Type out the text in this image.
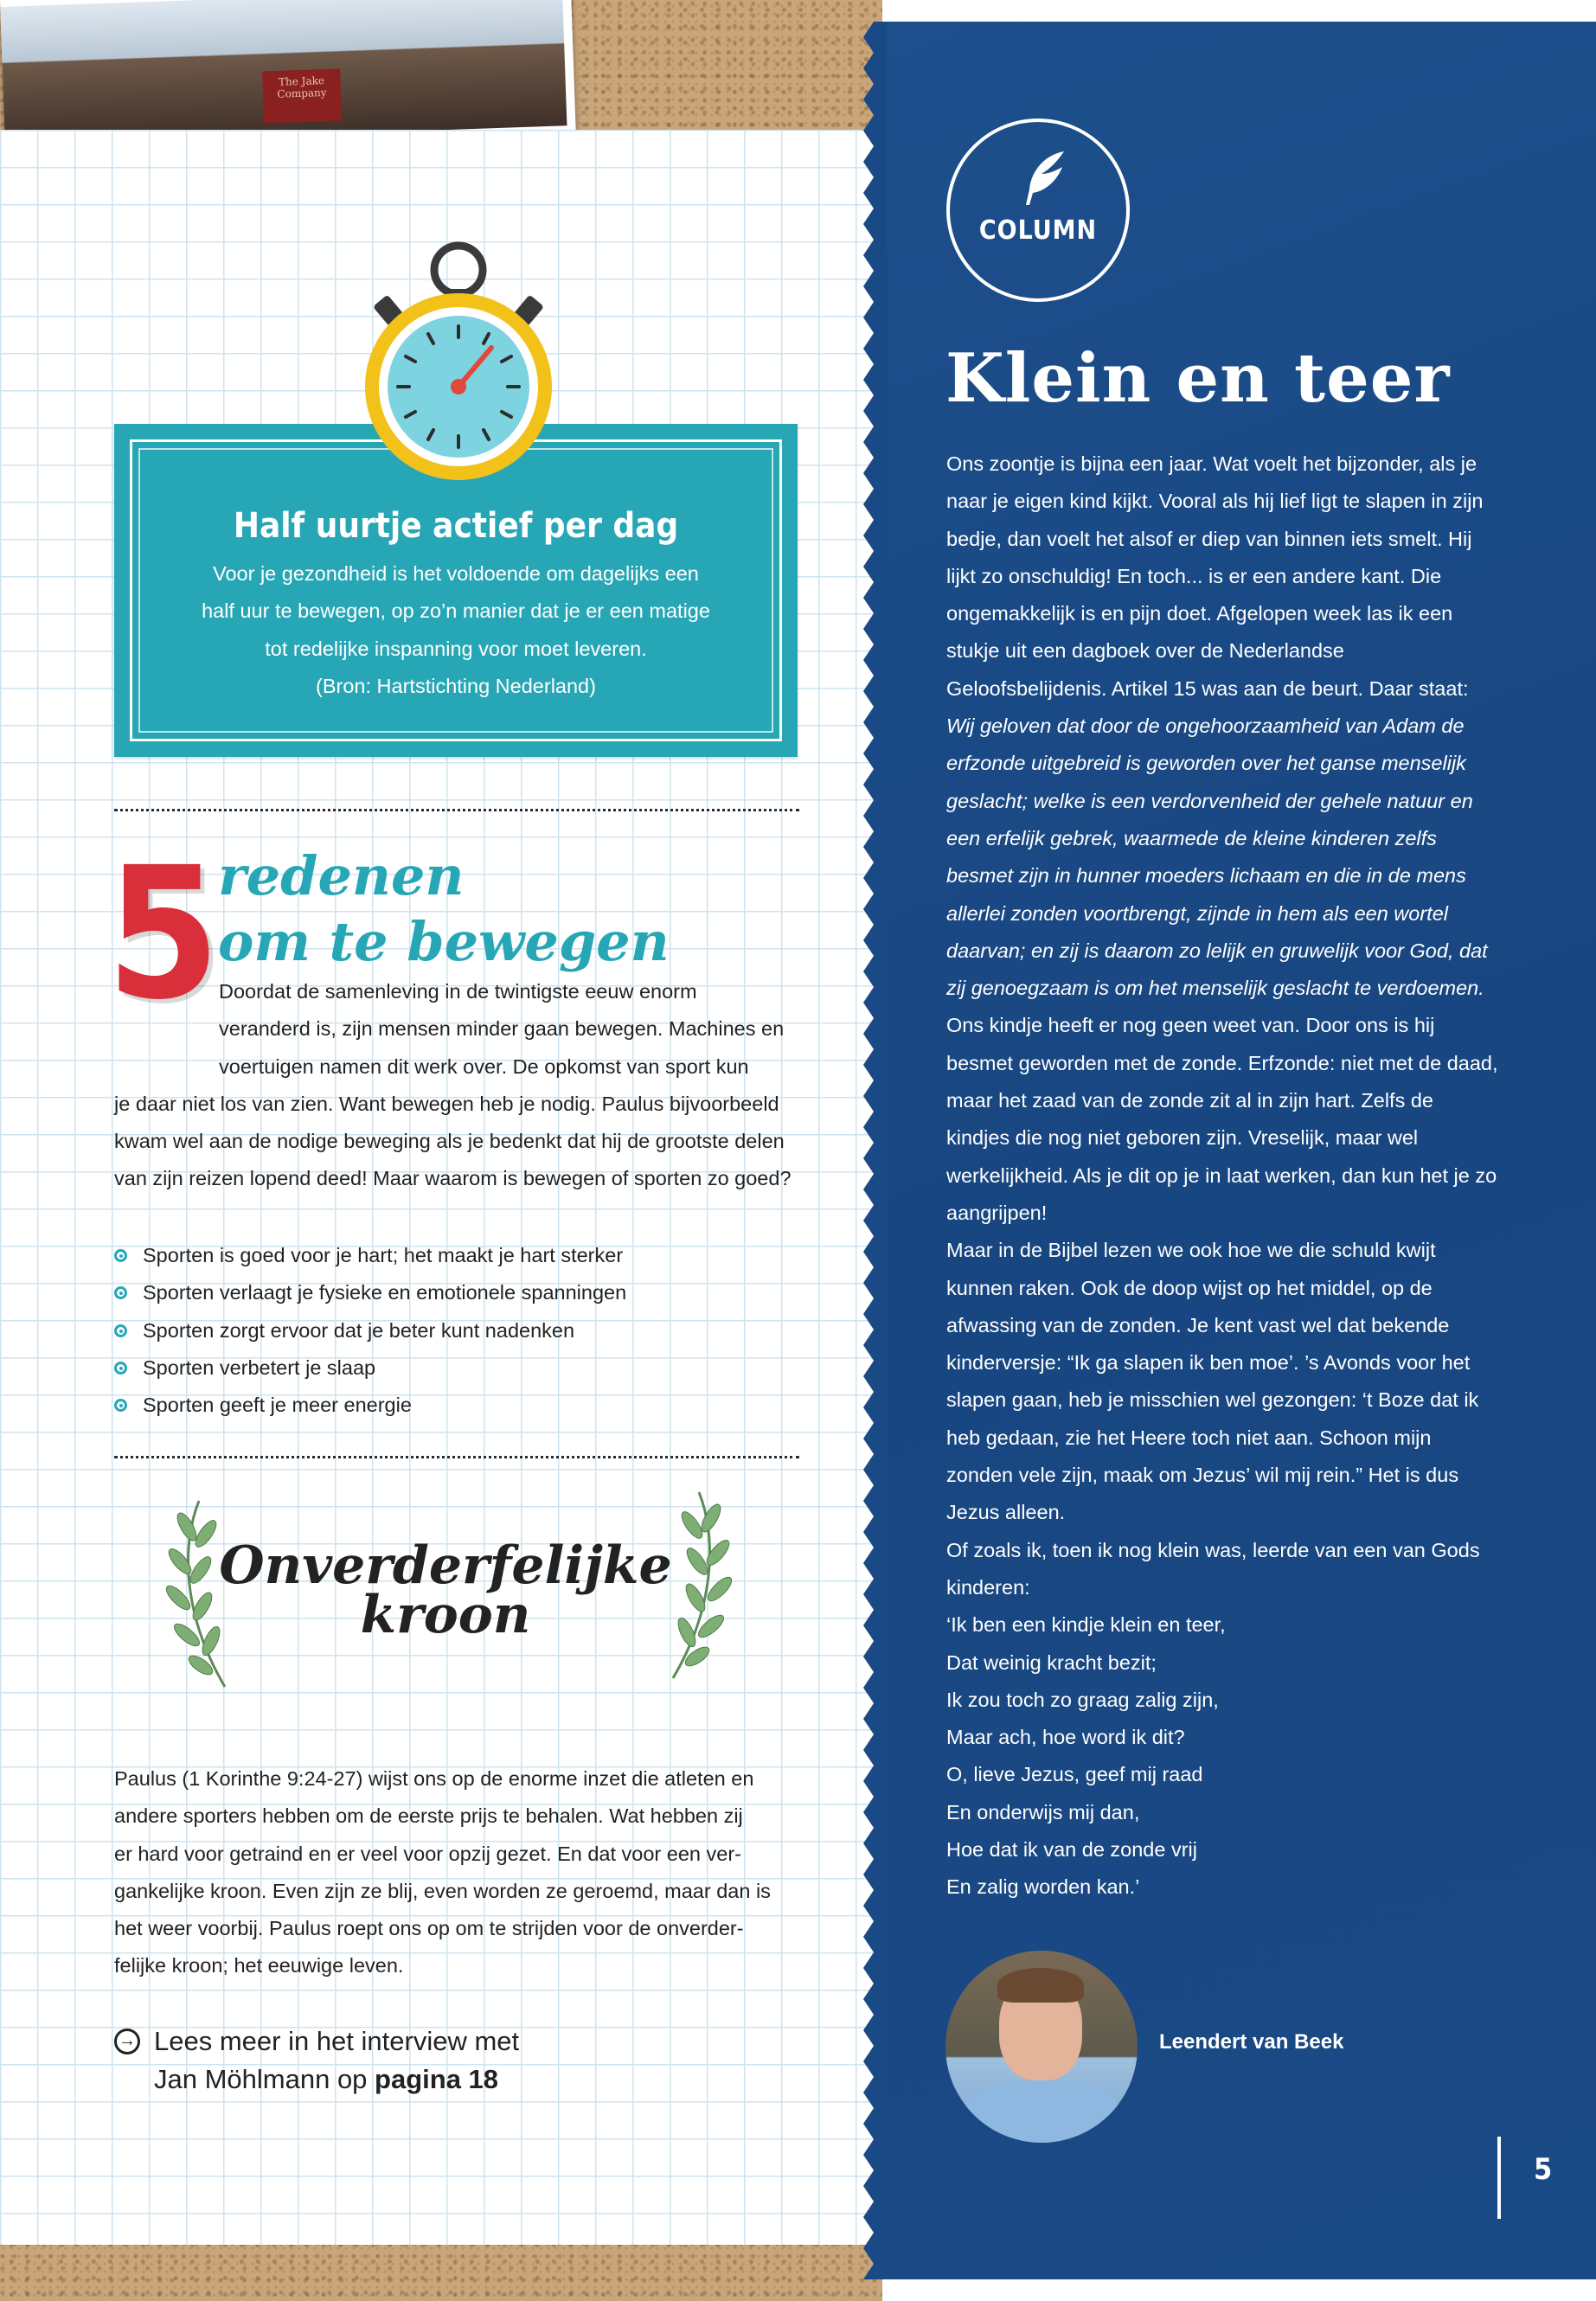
The Jake
Company
COLUMN
Klein en teer

Ons zoontje is bijna een jaar. Wat voelt het bijzonder, als je naar je eigen kind kijkt. Vooral als hij lief ligt te slapen in zijn bedje, dan voelt het alsof er diep van binnen iets smelt. Hij lijkt zo onschuldig! En toch... is er een andere kant. Die ongemakkelijk is en pijn doet. Afgelopen week las ik een stukje uit een dagboek over de Nederlandse Geloofsbelijdenis. Artikel 15 was aan de beurt. Daar staat: Wij geloven dat door de ongehoorzaamheid van Adam de erfzonde uitgebreid is geworden over het ganse menselijk geslacht; welke is een verdorvenheid der gehele natuur en een erfelijk gebrek, waarmede de kleine kinderen zelfs besmet zijn in hunner moeders lichaam en die in de mens allerlei zonden voortbrengt, zijnde in hem als een wortel daarvan; en zij is daarom zo lelijk en gruwelijk voor God, dat zij genoegzaam is om het menselijk geslacht te verdoemen. Ons kindje heeft er nog geen weet van. Door ons is hij besmet geworden met de zonde. Erfzonde: niet met de daad, maar het zaad van de zonde zit al in zijn hart. Zelfs de kindjes die nog niet geboren zijn. Vreselijk, maar wel werkelijkheid. Als je dit op je in laat werken, dan kun het je zo aangrijpen!

Maar in de Bijbel lezen we ook hoe we die schuld kwijt kunnen raken. Ook de doop wijst op het middel, op de afwassing van de zonden. Je kent vast wel dat bekende kinderversje: “Ik ga slapen ik ben moe’. ’s Avonds voor het slapen gaan, heb je misschien wel gezongen: ‘t Boze dat ik heb gedaan, zie het Heere toch niet aan. Schoon mijn zonden vele zijn, maak om Jezus’ wil mij rein.” Het is dus Jezus alleen.

Of zoals ik, toen ik nog klein was, leerde van een van Gods kinderen:

‘Ik ben een kindje klein en teer,

Dat weinig kracht bezit;

Ik zou toch zo graag zalig zijn,

Maar ach, hoe word ik dit?

O, lieve Jezus, geef mij raad

En onderwijs mij dan,

Hoe dat ik van de zonde vrij

En zalig worden kan.’

Leendert van Beek
5
Half uurtje actief per dag
Voor je gezondheid is het voldoende om dagelijks een
half uur te bewegen, op zo’n manier dat je er een matige
tot redelijke inspanning voor moet leveren.
(Bron: Hartstichting Nederland)
5 redenen
om te bewegen
Doordat de samenleving in de twintigste eeuw enorm
veranderd is, zijn mensen minder gaan bewegen. Machines en
voertuigen namen dit werk over. De opkomst van sport kun
je daar niet los van zien. Want bewegen heb je nodig. Paulus bijvoorbeeld
kwam wel aan de nodige beweging als je bedenkt dat hij de grootste delen
van zijn reizen lopend deed! Maar waarom is bewegen of sporten zo goed?
Sporten is goed voor je hart; het maakt je hart sterker
Sporten verlaagt je fysieke en emotionele spanningen
Sporten zorgt ervoor dat je beter kunt nadenken
Sporten verbetert je slaap
Sporten geeft je meer energie
Onverderfelijke
kroon
Paulus (1 Korinthe 9:24-27) wijst ons op de enorme inzet die atleten en
andere sporters hebben om de eerste prijs te behalen. Wat hebben zij
er hard voor getraind en er veel voor opzij gezet. En dat voor een ver-
gankelijke kroon. Even zijn ze blij, even worden ze geroemd, maar dan is
het weer voorbij. Paulus roept ons op om te strijden voor de onverder-
felijke kroon; het eeuwige leven.
→ Lees meer in het interview met
Jan Möhlmann op pagina 18
